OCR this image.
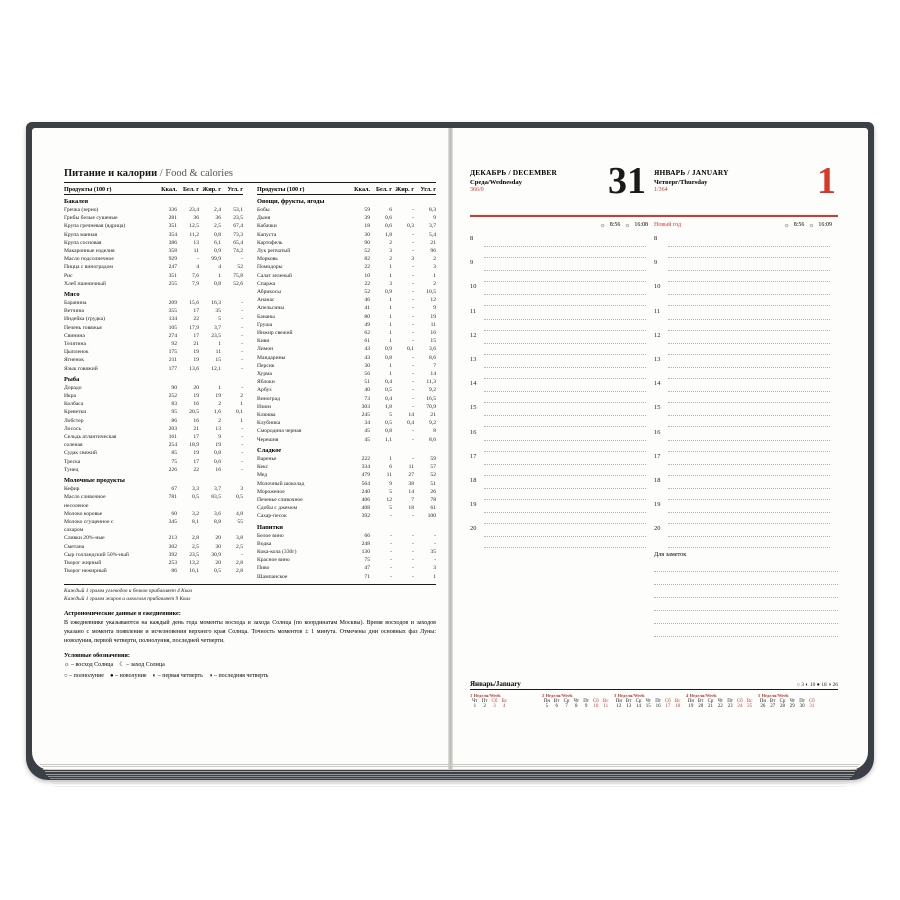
Питание и калории / Food & calories
Продукты (100 г)	Ккал. Бел. г Жир. г	Угл. г
Бакалея
Гречка (зерно)	336	23,4	2,4	53,1
Грибы белые сушеные	281	36	36	23,5
Крупа гречневая (ядрица)	351	12,5	2,5	67,4
Крупа манная	354	11,2	0,8	73,3
Крупа сосновая	386	13	6,1	65,4
Макаронные изделия	358	11	0,9	74,2
Масло подсолнечное	929	-	99,9	-
Пицца с виноградом	247	4	4	52
Рис	351	7,6	1	75,8
Хлеб пшеничный	255	7,9	0,8	52,6
Мясо
Баранина	209	15,6	16,3	-
Ветчина	355	17	35	-
Индейка (грудка)	134	22	5	-
Печень говяжья	105	17,9	3,7	-
Свинина	274	17	23,5	-
Телятина	92	21	1	-
Цыпленок	175	19	11	-
Ягненок	211	19	15	-
Язык говяжий	177	13,6	12,1	-
Рыба
Дорадо	90	20	1	-
Икра	252	19	19	2
Колбаса	83	16	2	1
Креветки	95	20,5	1,6	0,1
Лобстер	86	16	2	1
Лосось	203	21	13	-
Сельдь атлантическая	161	17	9	-
соленая	254	18,9	19	-
Судак свежий	85	19	0,8	-
Треска	75	17	0,6	-
Тунец	226	22	16	-
Молочные продукты
Кефир	67	3,3	3,7	3
Масло сливочное	781	0,5	83,5	0,5
несоленое
Молоко коровье	60	3,2	3,6	4,8
Молоко сгущенное с	345	8,1	8,8	55
сахаром
Сливки 20%-ные	213	2,8	20	3,8
Сметана	302	2,5	30	2,5
Сыр голландский 50%-ный	392	23,5	30,9	-
Творог жирный	253	13,2	20	2,8
Творог нежирный	86	16,1	0,5	2,8
Продукты (100 г)	Ккал. Бел. г Жир. г	Угл. г
Овощи, фрукты, ягоды
Бобы	59	6	-	8,3
Дыня	39	0,6	-	9
Кабачки	18	0,6	0,3	3,7
Капуста	30	1,8	-	5,4
Картофель	90	2	-	21
Лук репчатый	52	3	-	96
Морковь	82	2	3	2
Помидоры	22	1	-	3
Салат зеленый	10	1	-	1
Спаржа	22	3	-	2
Абрикосы	52	0,9	-	10,5
Ананас	46	1	-	12
Апельсины	41	1	-	9
Бананы	80	1	-	19
Груша	49	1	-	11
Инжир свежий	62	1	-	16
Киви	61	1	-	15
Лимон	43	0,9	0,1	3,6
Мандарины	43	0,8	-	8,6
Персик	30	1	-	7
Хурма	56	1	-	14
Яблоки	51	0,4	-	11,3
Арбуз	40	0,5	-	9,2
Виноград	73	0,4	-	16,5
Изюм	303	1,8	-	70,9
Клюква	245	5	14	21
Клубника	34	0,5	0,4	9,2
Смородина черная	45	0,8	-	8
Черешня	45	1,1	-	8,6
Сладкое
Варенье	222	1	-	59
Кекс	334	6	11	57
Мед	479	11	27	52
Молочный шоколад	564	9	38	51
Мороженое	240	5	14	26
Печенье сливочное	406	12	7	78
Сдобы с джемом	408	5	18	61
Сахар-песок	392	-	-	100
Напитки
Белое вино	66	-	-	-
Водка	248	-	-	-
Кока-кола (330г)	130	-	-	35
Красное вино	75	-	-	-
Пиво	47	-	-	3
Шампанское	71	-	-	1
Каждый 1 грамм углеводов и белков прибавляет 4 Ккал
Каждый 1 грамм жиров и алкоголя прибавляет 9 Ккал
Астрономические данные в ежедневнике:
В ежедневнике указываются на каждый день года моменты восхода и захода Солнца (по координатам Москвы). Время восходов и заходов указано с момента появления и исчезновения верхнего края Солнца. Точность моментов ± 1 минута. Отмечены дни основных фаз Луны: новолуния, первой четверти, полнолуния, последней четверти.
Условные обозначения:
☼ – восход Солнца    ☾ – заход Солнца
○ – полнолуние    ● – новолуние    ◐ – первая четверть    ◑ – последняя четверть
ДЕКАБРЬ / DECEMBER
Среда/Wednesday
366/0	31 ЯНВАРЬ / JANUARY
Четверг/Thursday
1/364	1
☼ 8:56 ☼ 16:08 Новый год	☼ 8:56 ☼ 16:09
8
9
10
11
12
13
14
15
16
17
18
19
20
8
9
10
11
12
13
14
15
16
17
18
19
20
Для заметок
Январь/January	○ 3 ◐ 10 ● 18 ◑ 26
1 Неделя/Week
Чт Пт Сб Вс
1	2	3	4
2 Неделя/Week
Пн Вт Ср Чт Пт Сб Вс
5	6	7	8	9	10 11
3 Неделя/Week
Пн Вт Ср Чт Пт Сб Вс
12 13 14 15 16 17 18
4 Неделя/Week
Пн Вт Ср Чт Пт Сб Вс
19 20 21 22 23 24 25
5 Неделя/Week
Пн Вт Ср Чт Пт Сб
26 27 28 29 30 31
